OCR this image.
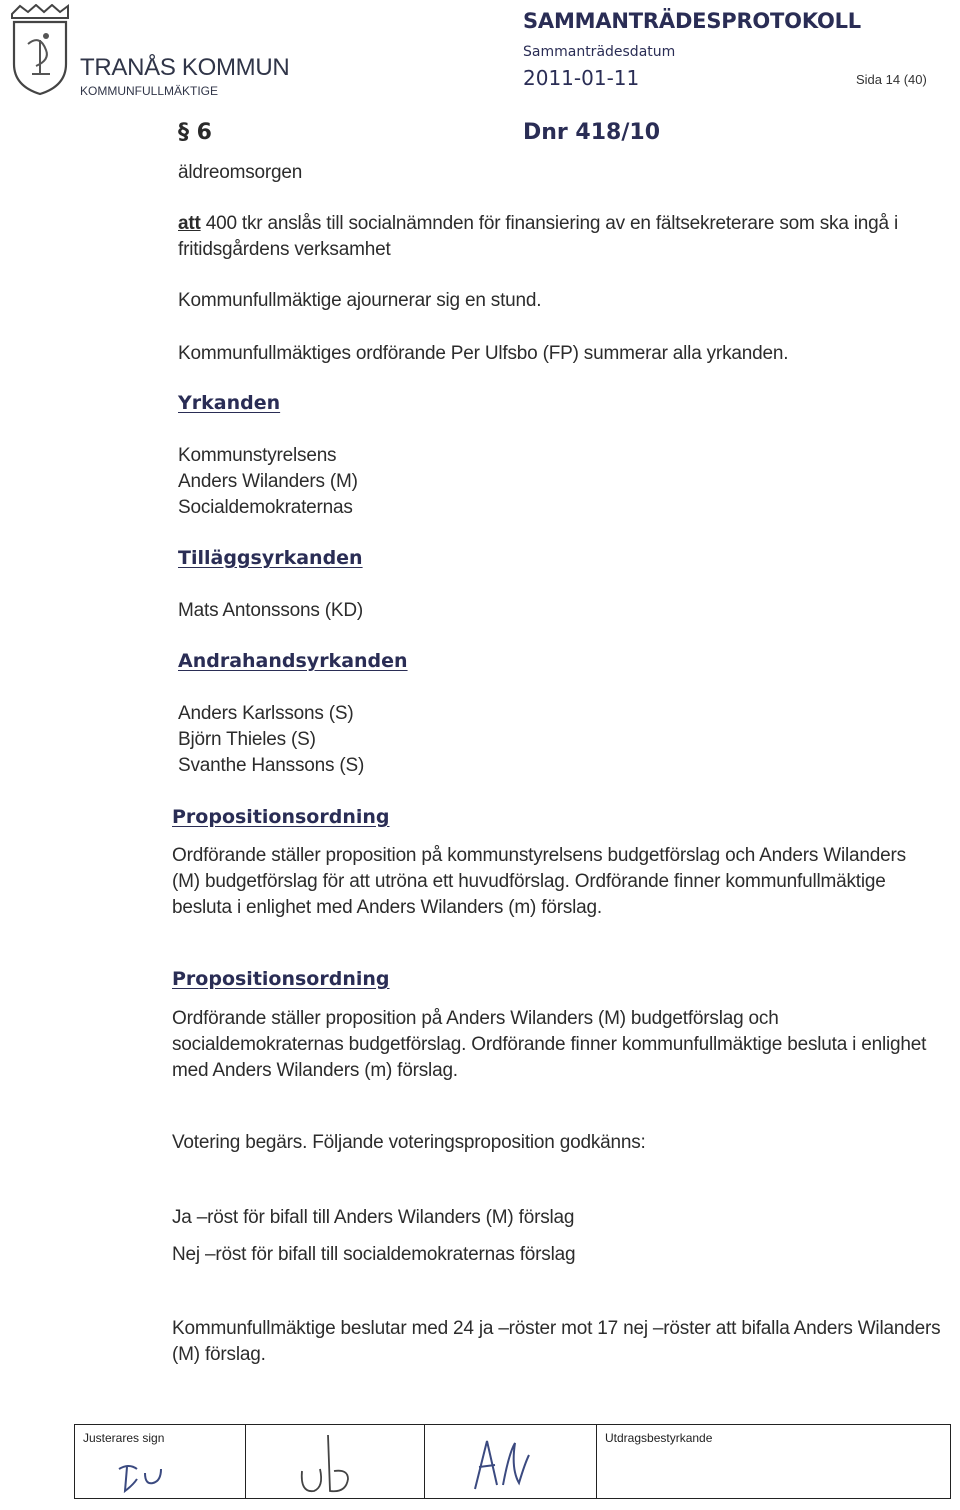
TRANÅS KOMMUN
KOMMUNFULLMÄKTIGE
SAMMANTRÄDESPROTOKOLL
Sammanträdesdatum
2011-01-11	Sida 14 (40)
§ 6	Dnr 418/10
äldreomsorgen
att 400 tkr anslås till socialnämnden för finansiering av en fältsekreterare som ska ingå i
fritidsgårdens verksamhet
Kommunfullmäktige ajournerar sig en stund.
Kommunfullmäktiges ordförande Per Ulfsbo (FP) summerar alla yrkanden.
Yrkanden
Kommunstyrelsens
Anders Wilanders (M)
Socialdemokraternas
Tilläggsyrkanden
Mats Antonssons (KD)
Andrahandsyrkanden
Anders Karlssons (S)
Björn Thieles (S)
Svanthe Hanssons (S)
Propositionsordning
Ordförande ställer proposition på kommunstyrelsens budgetförslag och Anders Wilanders
(M) budgetförslag för att utröna ett huvudförslag. Ordförande finner kommunfullmäktige
besluta i enlighet med Anders Wilanders (m) förslag.
Propositionsordning
Ordförande ställer proposition på Anders Wilanders (M) budgetförslag och
socialdemokraternas budgetförslag. Ordförande finner kommunfullmäktige besluta i enlighet
med Anders Wilanders (m) förslag.
Votering begärs. Följande voteringsproposition godkänns:
Ja –röst för bifall till Anders Wilanders (M) förslag
Nej –röst för bifall till socialdemokraternas förslag
Kommunfullmäktige beslutar med 24 ja –röster mot 17 nej –röster att bifalla Anders Wilanders
(M) förslag.
Justerares sign	Utdragsbestyrkande
